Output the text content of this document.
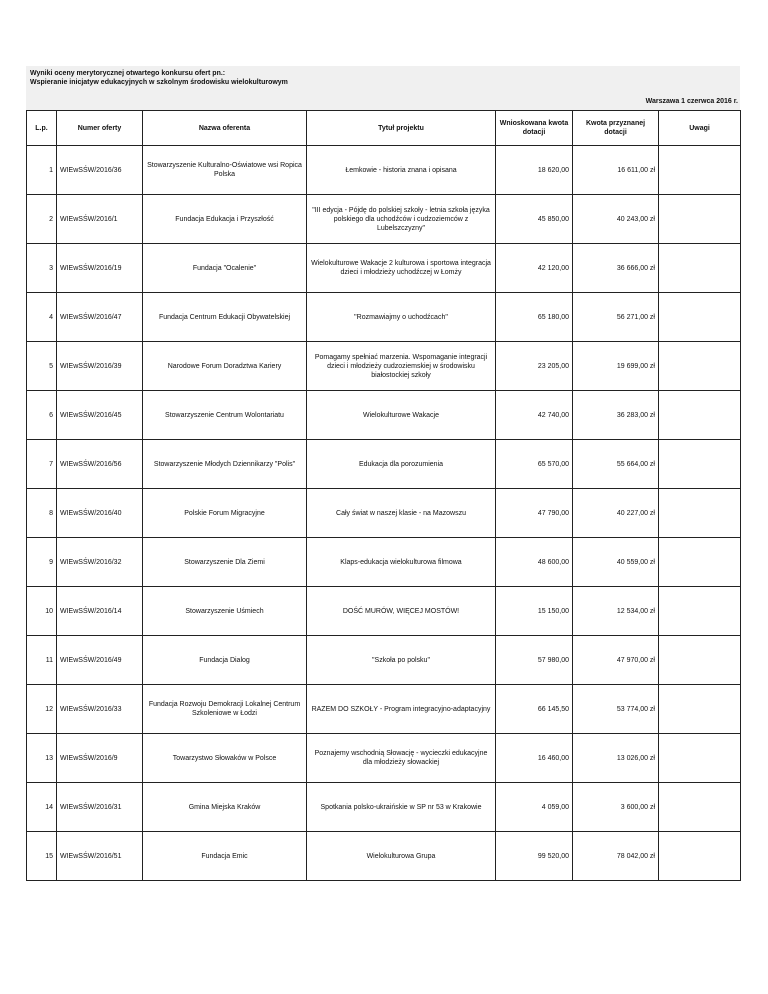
Wyniki oceny merytorycznej otwartego konkursu ofert pn.:
Wspieranie inicjatyw edukacyjnych w szkolnym środowisku wielokulturowym
Warszawa 1 czerwca 2016 r.
L.p.	Numer oferty	Nazwa oferenta	Tytuł projektu	Wnioskowana kwota dotacji	Kwota przyznanej dotacji	Uwagi
1	WIEwSŚW/2016/36	Stowarzyszenie Kulturalno-Oświatowe wsi Ropica Polska	Łemkowie - historia znana i opisana	18 620,00	16 611,00 zł	
2	WIEwSŚW/2016/1	Fundacja Edukacja i Przyszłość	"III edycja - Pójdę do polskiej szkoły - letnia szkoła języka polskiego dla uchodźców i cudzoziemców z Lubelszczyzny"	45 850,00	40 243,00 zł	
3	WIEwSŚW/2016/19	Fundacja "Ocalenie"	Wielokulturowe Wakacje 2 kulturowa i sportowa integracja dzieci i młodzieży uchodźczej w Łomży	42 120,00	36 666,00 zł	
4	WIEwSŚW/2016/47	Fundacja Centrum Edukacji Obywatelskiej	"Rozmawiajmy o uchodźcach"	65 180,00	56 271,00 zł	
5	WIEwSŚW/2016/39	Narodowe Forum Doradztwa Kariery	Pomagamy spełniać marzenia. Wspomaganie integracji dzieci i młodzieży cudzoziemskiej w środowisku białostockiej szkoły	23 205,00	19 699,00 zł	
6	WIEwSŚW/2016/45	Stowarzyszenie Centrum Wolontariatu	Wielokulturowe Wakacje	42 740,00	36 283,00 zł	
7	WIEwSŚW/2016/56	Stowarzyszenie Młodych Dziennikarzy "Polis"	Edukacja dla porozumienia	65 570,00	55 664,00 zł	
8	WIEwSŚW/2016/40	Polskie Forum Migracyjne	Cały świat w naszej klasie - na Mazowszu	47 790,00	40 227,00 zł	
9	WIEwSŚW/2016/32	Stowarzyszenie Dla Ziemi	Klaps-edukacja wielokulturowa filmowa	48 600,00	40 559,00 zł	
10	WIEwSŚW/2016/14	Stowarzyszenie Uśmiech	DOŚĆ MURÓW, WIĘCEJ MOSTÓW!	15 150,00	12 534,00 zł	
11	WIEwSŚW/2016/49	Fundacja Dialog	"Szkoła po polsku"	57 980,00	47 970,00 zł	
12	WIEwSŚW/2016/33	Fundacja Rozwoju Demokracji Lokalnej Centrum Szkoleniowe w Łodzi	RAZEM DO SZKOŁY - Program integracyjno-adaptacyjny	66 145,50	53 774,00 zł	
13	WIEwSŚW/2016/9	Towarzystwo Słowaków w Polsce	Poznajemy wschodnią Słowację - wycieczki edukacyjne dla młodzieży słowackiej	16 460,00	13 026,00 zł	
14	WIEwSŚW/2016/31	Gmina Miejska Kraków	Spotkania polsko-ukraińskie w SP nr 53 w Krakowie	4 059,00	3 600,00 zł	
15	WIEwSŚW/2016/51	Fundacja Emic	Wielokulturowa Grupa	99 520,00	78 042,00 zł	
